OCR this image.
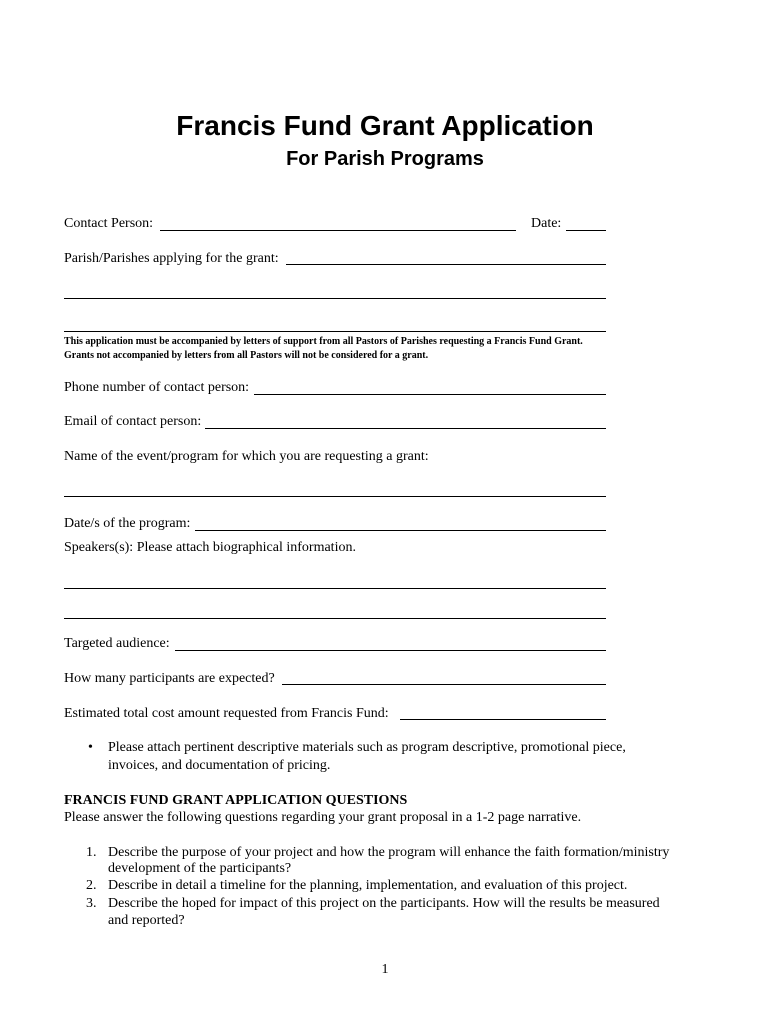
Francis Fund Grant Application
For Parish Programs
Contact Person:	Date:
Parish/Parishes applying for the grant:
This application must be accompanied by letters of support from all Pastors of Parishes requesting a Francis Fund Grant.
Grants not accompanied by letters from all Pastors will not be considered for a grant.
Phone number of contact person:
Email of contact person:
Name of the event/program for which you are requesting a grant:
Date/s of the program:
Speakers(s): Please attach biographical information.
Targeted audience:
How many participants are expected?
Estimated total cost amount requested from Francis Fund:
• Please attach pertinent descriptive materials such as program descriptive, promotional piece,
invoices, and documentation of pricing.
FRANCIS FUND GRANT APPLICATION QUESTIONS
Please answer the following questions regarding your grant proposal in a 1-2 page narrative.
1. Describe the purpose of your project and how the program will enhance the faith formation/ministry
development of the participants?
2. Describe in detail a timeline for the planning, implementation, and evaluation of this project.
3. Describe the hoped for impact of this project on the participants. How will the results be measured
and reported?
1
